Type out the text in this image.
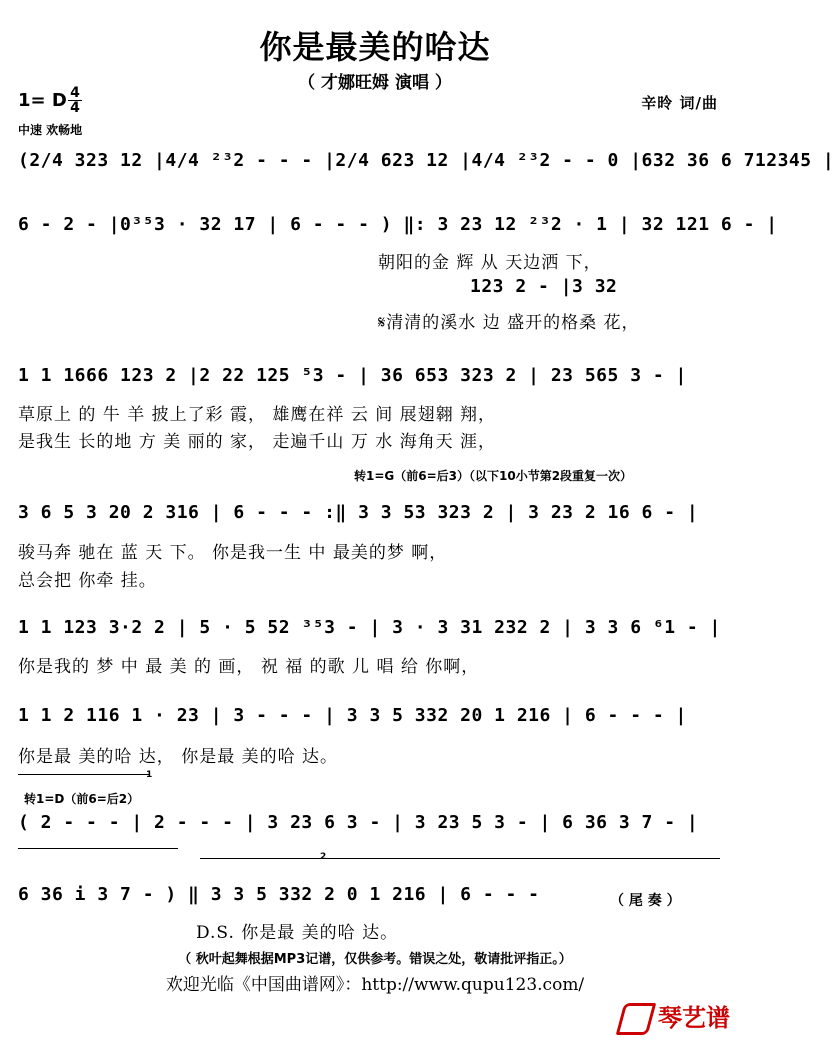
你是最美的哈达
（ 才娜旺姆 演唱 ）
1= D 4
4
中速 欢畅地
辛昤 词/曲
(2/4 323 12 |4/4 ²³2 - - - |2/4 623 12 |4/4 ²³2 - - 0 |632 36 6 712345 |
6 - 2 - |0³⁵3 · 32 17 | 6 - - - ) ‖: 3 23 12 ²³2 · 1 | 32 121 6 - |
朝阳的金 辉 从 天边洒 下，
123 2 - |3 32
𝄋清清的溪水 边 盛开的格桑 花，
1 1 1666 123 2 |2 22 125 ⁵3 - | 36 653 323 2 | 23 565 3 - |
草原上 的 牛 羊 披上了彩 霞， 雄鹰在祥 云 间 展翅翱 翔，
是我生 长的地 方 美 丽的 家， 走遍千山 万 水 海角天 涯，
转1=G（前6=后3）（以下10小节第2段重复一次）
3 6 5 3 20 2 316 | 6 - - - :‖ 3 3 53 323 2 | 3 23 2 16 6 - |
骏马奔 驰在 蓝 天 下。 你是我一生 中 最美的梦 啊，
总会把 你牵 挂。
1 1 123 3·2 2 | 5 · 5 52 ³⁵3 - | 3 · 3 31 232 2 | 3 3 6 ⁶1 - |
你是我的 梦 中 最 美 的 画， 祝 福 的歌 儿 唱 给 你啊，
1 1 2 116 1 · 23 | 3 - - - | 3 3 5 332 20 1 216 | 6 - - - |
你是最 美的哈 达， 你是最 美的哈 达。
1
转1=D（前6=后2）
( 2 - - - | 2 - - - | 3 23 6 3 - | 3 23 5 3 - | 6 36 3 7 - |
2
6 36 i 3 7 - ) ‖ 3 3 5 332 2 0 1 216 | 6 - - -	（ 尾 奏 ）
D.S. 你是最 美的哈 达。
（ 秋叶起舞根据MP3记谱，仅供参考。错误之处，敬请批评指正。）
欢迎光临《中国曲谱网》：http://www.qupu123.com/
琴艺谱
